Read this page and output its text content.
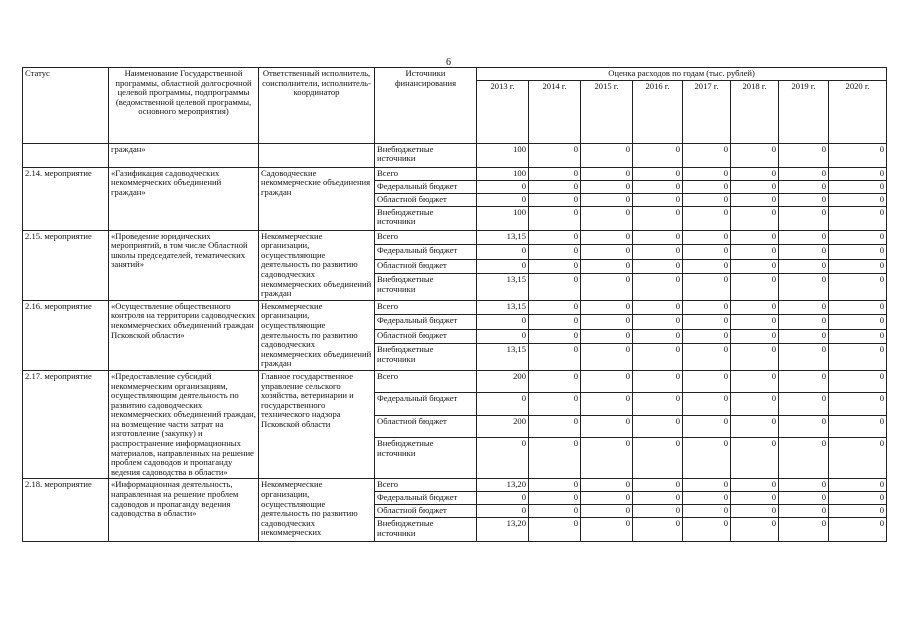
6
Статус	Наименование Государственной программы, областной долгосрочной целевой программы, подпрограммы (ведомственной целевой программы, основного мероприятия)	Ответственный исполнитель, соисполнители, исполнитель-координатор	Источники финансирования	Оценка расходов по годам (тыс. рублей)							
				2013 г.	2014 г.	2015 г.	2016 г.	2017 г.	2018 г.	2019 г.	2020 г.
	граждан»		Внебюджетные источники	100	0	0	0	0	0	0	0
2.14. мероприятие	«Газификация садоводческих некоммерческих объединений граждан»	Садоводческие некоммерческие объединения граждан	Всего	100	0	0	0	0	0	0	0
			Федеральный бюджет	0	0	0	0	0	0	0	0
			Областной бюджет	0	0	0	0	0	0	0	0
			Внебюджетные источники	100	0	0	0	0	0	0	0
2.15. мероприятие	«Проведение юридических мероприятий, в том числе Областной школы председателей, тематических занятий»	Некоммерческие организации, осуществляющие деятельность по развитию садоводческих некоммерческих объединений граждан	Всего	13,15	0	0	0	0	0	0	0
			Федеральный бюджет	0	0	0	0	0	0	0	0
			Областной бюджет	0	0	0	0	0	0	0	0
			Внебюджетные источники	13,15	0	0	0	0	0	0	0
2.16. мероприятие	«Осуществление общественного контроля на территории садоводческих некоммерческих объединений граждан Псковской области»	Некоммерческие организации, осуществляющие деятельность по развитию садоводческих некоммерческих объединений граждан	Всего	13,15	0	0	0	0	0	0	0
			Федеральный бюджет	0	0	0	0	0	0	0	0
			Областной бюджет	0	0	0	0	0	0	0	0
			Внебюджетные источники	13,15	0	0	0	0	0	0	0
2.17. мероприятие	«Предоставление субсидий некоммерческим организациям, осуществляющим деятельность по развитию садоводческих некоммерческих объединений граждан, на возмещение части затрат на изготовление (закупку) и распространение информационных материалов, направленных на решение проблем садоводов и пропаганду ведения садоводства в области»	Главное государственное управление сельского хозяйства, ветеринарии и государственного технического надзора Псковской области	Всего	200	0	0	0	0	0	0	0
			Федеральный бюджет	0	0	0	0	0	0	0	0
			Областной бюджет	200	0	0	0	0	0	0	0
			Внебюджетные источники	0	0	0	0	0	0	0	0
2.18. мероприятие	«Информационная деятельность, направленная на решение проблем садоводов и пропаганду ведения садоводства в области»	Некоммерческие организации, осуществляющие деятельность по развитию садоводческих некоммерческих	Всего	13,20	0	0	0	0	0	0	0
			Федеральный бюджет	0	0	0	0	0	0	0	0
			Областной бюджет	0	0	0	0	0	0	0	0
			Внебюджетные источники	13,20	0	0	0	0	0	0	0
